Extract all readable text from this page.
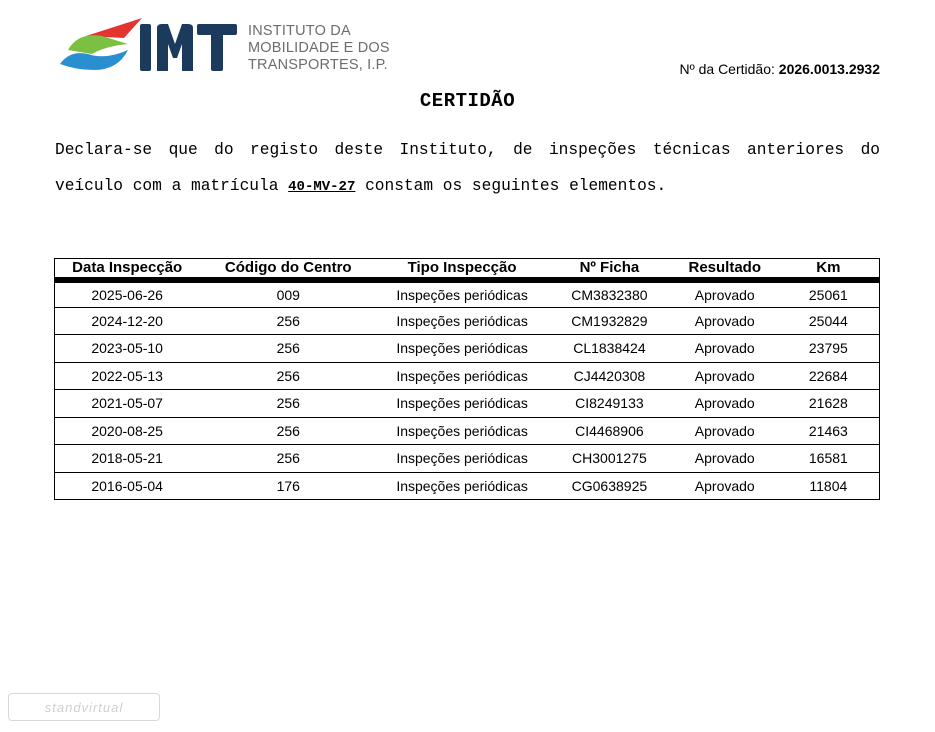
INSTITUTO DA
MOBILIDADE E DOS
TRANSPORTES, I.P.	Nº da Certidão: 2026.0013.2932
CERTIDÃO

Declara-se que do registo deste Instituto, de inspeções técnicas anteriores do veículo com a matrícula 40-MV-27 constam os seguintes elementos.

Data Inspecção	Código do Centro	Tipo Inspecção	Nº Ficha	Resultado	Km
2025-06-26	009	Inspeções periódicas	CM3832380	Aprovado	25061
2024-12-20	256	Inspeções periódicas	CM1932829	Aprovado	25044
2023-05-10	256	Inspeções periódicas	CL1838424	Aprovado	23795
2022-05-13	256	Inspeções periódicas	CJ4420308	Aprovado	22684
2021-05-07	256	Inspeções periódicas	CI8249133	Aprovado	21628
2020-08-25	256	Inspeções periódicas	CI4468906	Aprovado	21463
2018-05-21	256	Inspeções periódicas	CH3001275	Aprovado	16581
2016-05-04	176	Inspeções periódicas	CG0638925	Aprovado	11804
standvirtual
